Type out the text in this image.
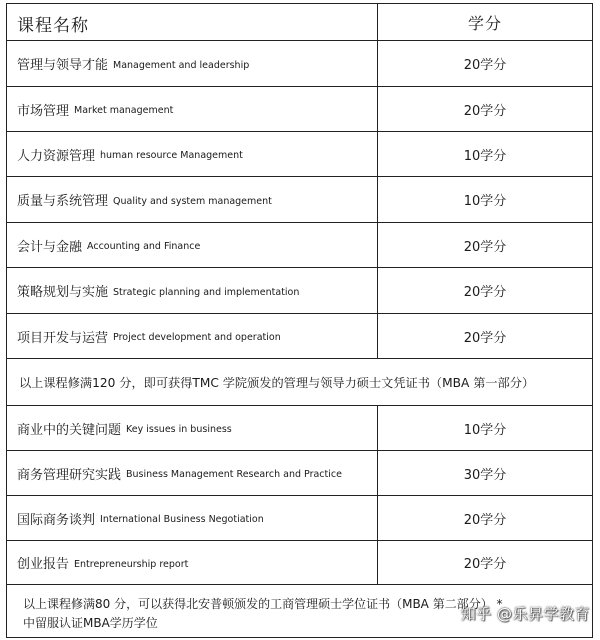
课程名称	学分
管理与领导才能 Management and leadership	20学分
市场管理 Market management	20学分
人力资源管理 human resource Management	10学分
质量与系统管理 Quality and system management	10学分
会计与金融 Accounting and Finance	20学分
策略规划与实施 Strategic planning and implementation	20学分
项目开发与运营 Project development and operation	20学分
以上课程修满120 分，即可获得TMC 学院颁发的管理与领导力硕士文凭证书（MBA 第一部分）
商业中的关键问题 Key issues in business	10学分
商务管理研究实践 Business Management Research and Practice	30学分
国际商务谈判 International Business Negotiation	20学分
创业报告 Entrepreneurship report	20学分
以上课程修满80 分，可以获得北安普顿颁发的工商管理硕士学位证书（MBA 第二部分） *
中留服认证MBA学历学位	知乎 @乐昇学教育
